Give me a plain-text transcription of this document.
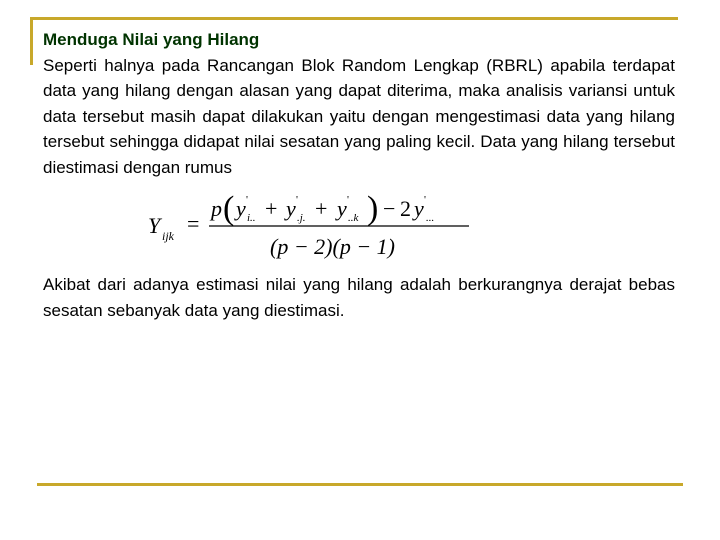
Menduga Nilai yang Hilang
Seperti halnya pada Rancangan Blok Random Lengkap (RBRL) apabila terdapat data yang hilang dengan alasan yang dapat diterima, maka analisis variansi untuk data tersebut masih dapat dilakukan yaitu dengan mengestimasi data yang hilang tersebut sehingga didapat nilai sesatan yang paling kecil. Data yang hilang tersebut diestimasi dengan rumus
Y ijk =
p ( y '
i.. + y '
.j. + y '
..k ) − 2 y '
...
(p − 2)(p − 1)
Akibat dari adanya estimasi nilai yang hilang adalah berkurangnya derajat bebas sesatan sebanyak data yang diestimasi.
